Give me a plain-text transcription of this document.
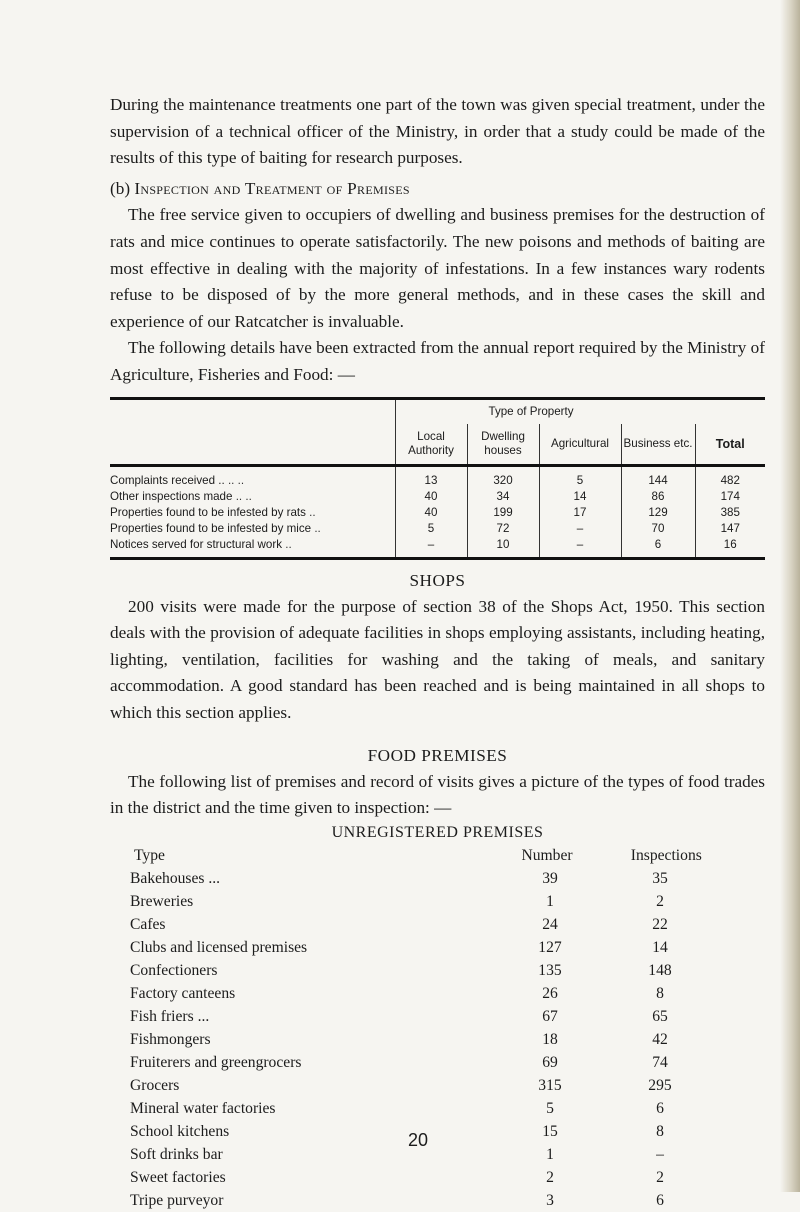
During the maintenance treatments one part of the town was given special treatment, under the supervision of a technical officer of the Ministry, in order that a study could be made of the results of this type of baiting for research purposes.

(b) Inspection and Treatment of Premises

The free service given to occupiers of dwelling and business premises for the destruction of rats and mice continues to operate satisfactorily. The new poisons and methods of baiting are most effective in dealing with the majority of infestations. In a few instances wary rodents refuse to be disposed of by the more general methods, and in these cases the skill and experience of our Ratcatcher is invaluable.

The following details have been extracted from the annual report required by the Ministry of Agriculture, Fisheries and Food: —

	Type of Property				
	Local Authority	Dwelling houses	Agricultural	Business etc.	Total
Complaints received .. .. ..	13	320	5	144	482
Other inspections made .. ..	40	34	14	86	174
Properties found to be infested by rats ..	40	199	17	129	385
Properties found to be infested by mice ..	5	72	–	70	147
Notices served for structural work ..	–	10	–	6	16
SHOPS

200 visits were made for the purpose of section 38 of the Shops Act, 1950. This section deals with the provision of adequate facilities in shops employing assistants, including heating, lighting, ventilation, facilities for washing and the taking of meals, and sanitary accommodation. A good standard has been reached and is being maintained in all shops to which this section applies.

FOOD PREMISES

The following list of premises and record of visits gives a picture of the types of food trades in the district and the time given to inspection: —

UNREGISTERED PREMISES
Type	Number	Inspections
Bakehouses ...	39	35
Breweries	1	2
Cafes	24	22
Clubs and licensed premises	127	14
Confectioners	135	148
Factory canteens	26	8
Fish friers ...	67	65
Fishmongers	18	42
Fruiterers and greengrocers	69	74
Grocers	315	295
Mineral water factories	5	6
School kitchens	15	8
Soft drinks bar	1	–
Sweet factories	2	2
Tripe purveyor	3	6
20
